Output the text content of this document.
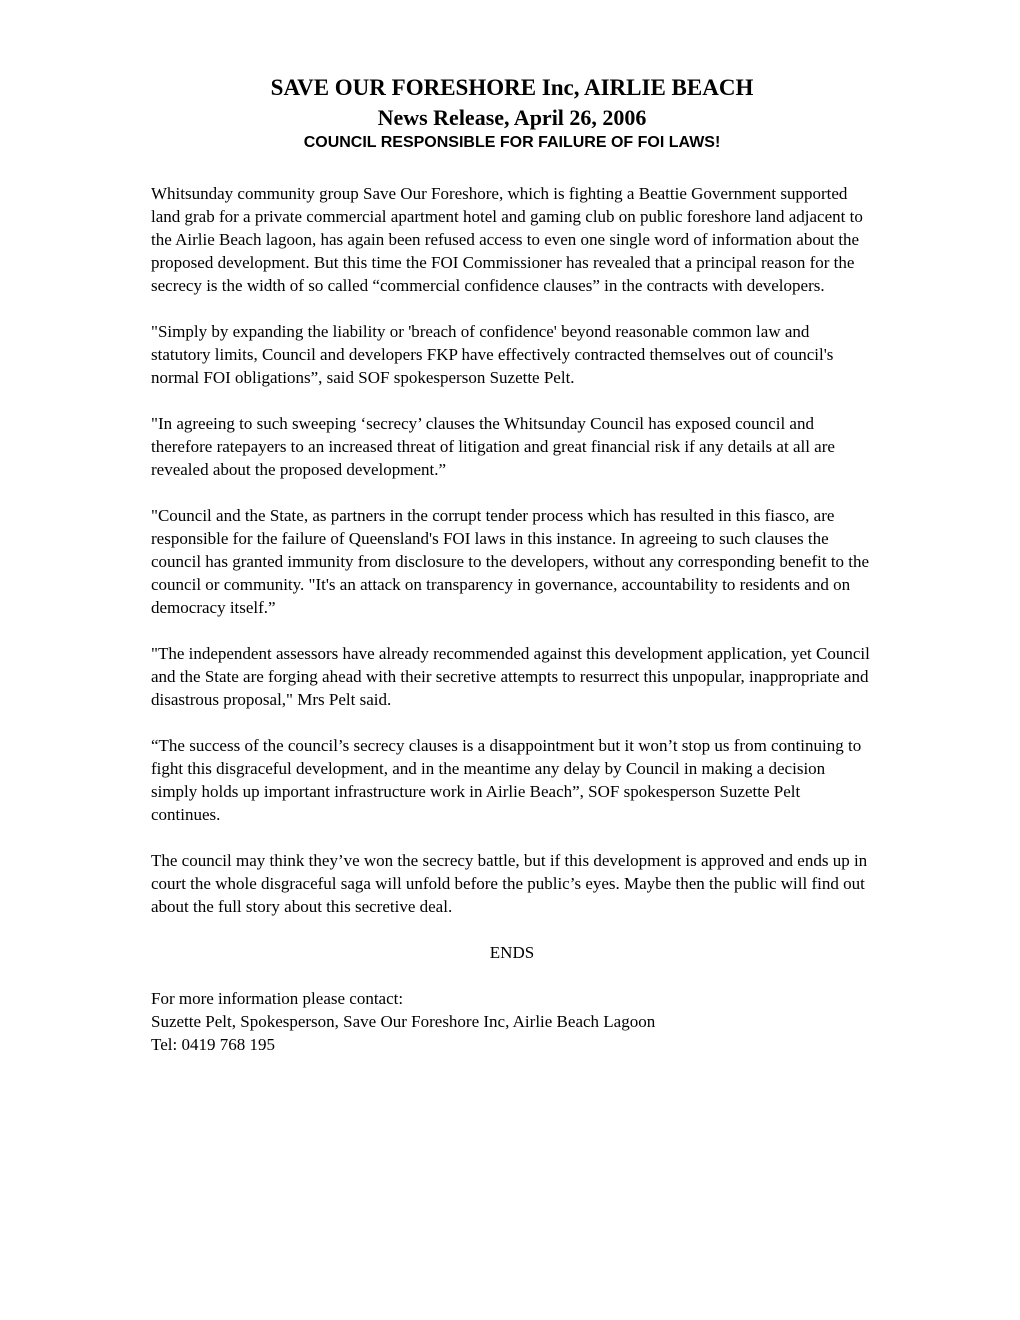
SAVE OUR FORESHORE Inc, AIRLIE BEACH
News Release, April 26, 2006
COUNCIL RESPONSIBLE FOR FAILURE OF FOI LAWS!

Whitsunday community group Save Our Foreshore, which is fighting a Beattie Government supported land grab for a private commercial apartment hotel and gaming club on public foreshore land adjacent to the Airlie Beach lagoon, has again been refused access to even one single word of information about the proposed development. But this time the FOI Commissioner has revealed that a principal reason for the secrecy is the width of so called “commercial confidence clauses” in the contracts with developers.

"Simply by expanding the liability or 'breach of confidence' beyond reasonable common law and statutory limits, Council and developers FKP have effectively contracted themselves out of council's normal FOI obligations”, said SOF spokesperson Suzette Pelt.

"In agreeing to such sweeping ‘secrecy’ clauses the Whitsunday Council has exposed council and therefore ratepayers to an increased threat of litigation and great financial risk if any details at all are revealed about the proposed development.”

"Council and the State, as partners in the corrupt tender process which has resulted in this fiasco, are responsible for the failure of Queensland's FOI laws in this instance. In agreeing to such clauses the council has granted immunity from disclosure to the developers, without any corresponding benefit to the council or community. "It's an attack on transparency in governance, accountability to residents and on democracy itself.”

"The independent assessors have already recommended against this development application, yet Council and the State are forging ahead with their secretive attempts to resurrect this unpopular, inappropriate and disastrous proposal," Mrs Pelt said.

“The success of the council’s secrecy clauses is a disappointment but it won’t stop us from continuing to fight this disgraceful development, and in the meantime any delay by Council in making a decision simply holds up important infrastructure work in Airlie Beach”, SOF spokesperson Suzette Pelt continues.

The council may think they’ve won the secrecy battle, but if this development is approved and ends up in court the whole disgraceful saga will unfold before the public’s eyes. Maybe then the public will find out about the full story about this secretive deal.

ENDS

For more information please contact:

Suzette Pelt, Spokesperson, Save Our Foreshore Inc, Airlie Beach Lagoon

Tel: 0419 768 195
